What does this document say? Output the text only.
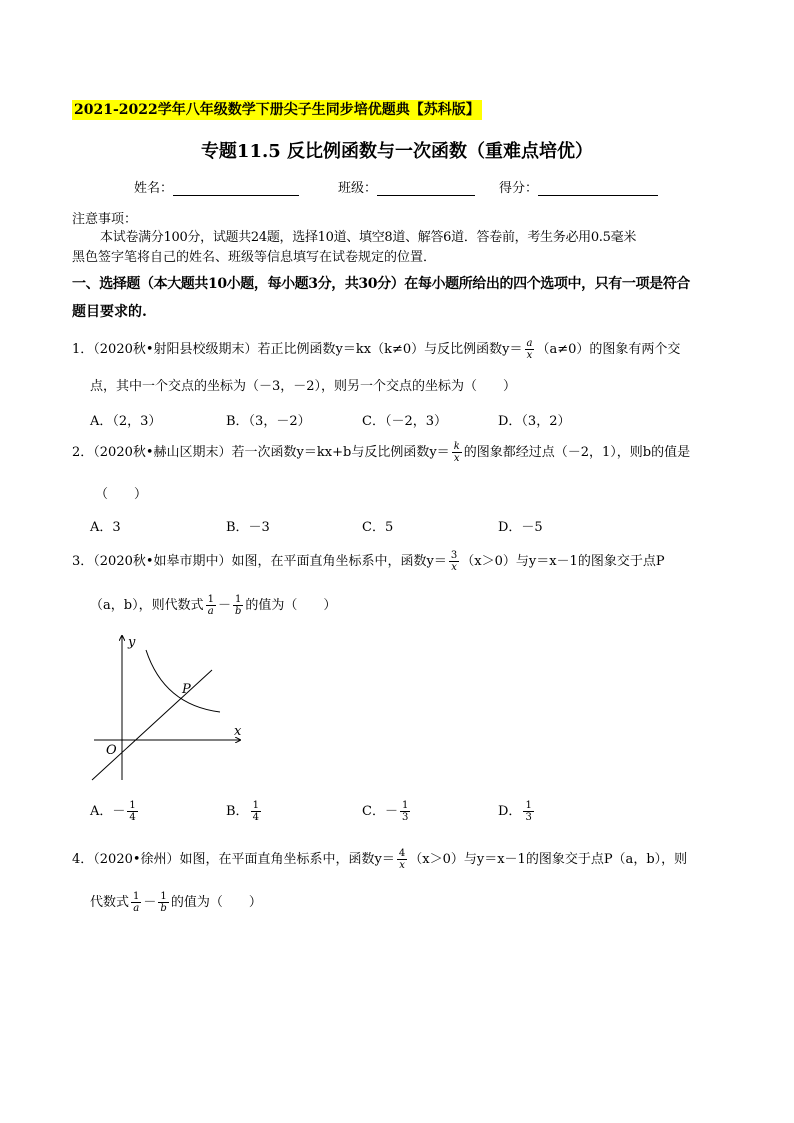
2021-2022学年八年级数学下册尖子生同步培优题典【苏科版】
专题11.5 反比例函数与一次函数（重难点培优）
姓名：	班级：	得分：
注意事项：
本试卷满分100分，试题共24题，选择10道、填空8道、解答6道．答卷前，考生务必用0.5毫米
黑色签字笔将自己的姓名、班级等信息填写在试卷规定的位置．
一、选择题（本大题共10小题，每小题3分，共30分）在每小题所给出的四个选项中，只有一项是符合
题目要求的.
1．（2020秋•射阳县校级期末）若正比例函数y＝kx（k≠0）与反比例函数$y= \frac{a}{x} (a\ne 0)$的图象有两个交
点，其中一个交点的坐标为（－3，－2），则另一个交点的坐标为（　　）
A．（2，3）	B．（3，－2）	C．（－2，3）	D．（3，2）
2．（2020秋•赫山区期末）若一次函数y＝kx+b与反比例函数$y= \frac{k}{x}$ 的图象都经过点（－2，1），则b的值是
（　　）
A．3	B．－3	C．5	D．－5
3．（2020秋•如皋市期中）如图，在平面直角坐标系中，函数$y= \frac{3}{x} (x>0)$与y＝x－1的图象交于点P
（a，b），则代数式 $\frac{1}{a} - \frac{1}{b}$ 的值为（　　）
y
x
O
P
A．－ $\frac{1}{4}$	B． $\frac{1}{4}$	C．－ $\frac{1}{3}$	D． $\frac{1}{3}$
4．（2020•徐州）如图，在平面直角坐标系中，函数$y= \frac{4}{x} (x>0)$与y＝x－1的图象交于点P（a，b），则
代数式 $\frac{1}{a} - \frac{1}{b}$ 的值为（　　）
